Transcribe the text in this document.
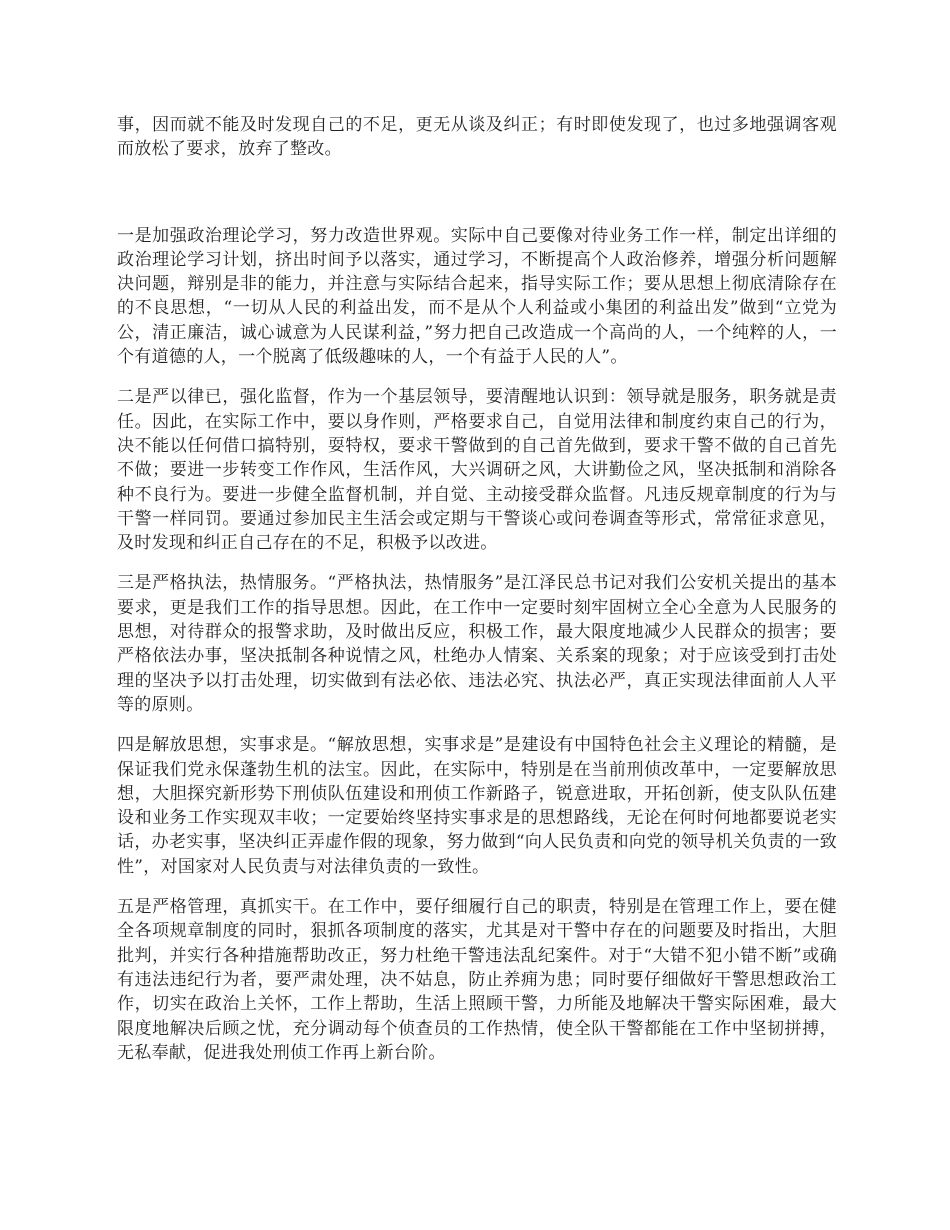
事，因而就不能及时发现自己的不足，更无从谈及纠正；有时即使发现了，也过多地强调客观而放松了要求，放弃了整改。

一是加强政治理论学习，努力改造世界观。实际中自己要像对待业务工作一样，制定出详细的政治理论学习计划，挤出时间予以落实，通过学习，不断提高个人政治修养，增强分析问题解决问题，辩别是非的能力，并注意与实际结合起来，指导实际工作；要从思想上彻底清除存在的不良思想，“一切从人民的利益出发，而不是从个人利益或小集团的利益出发”做到“立党为公，清正廉洁，诚心诚意为人民谋利益，”努力把自己改造成一个高尚的人，一个纯粹的人，一个有道德的人，一个脱离了低级趣味的人，一个有益于人民的人”。

二是严以律已，强化监督，作为一个基层领导，要清醒地认识到：领导就是服务，职务就是责任。因此，在实际工作中，要以身作则，严格要求自己，自觉用法律和制度约束自己的行为，决不能以任何借口搞特别，耍特权，要求干警做到的自己首先做到，要求干警不做的自己首先不做；要进一步转变工作作风，生活作风，大兴调研之风，大讲勤俭之风，坚决抵制和消除各种不良行为。要进一步健全监督机制，并自觉、主动接受群众监督。凡违反规章制度的行为与干警一样同罚。要通过参加民主生活会或定期与干警谈心或问卷调查等形式，常常征求意见，及时发现和纠正自己存在的不足，积极予以改进。

三是严格执法，热情服务。“严格执法，热情服务”是江泽民总书记对我们公安机关提出的基本要求，更是我们工作的指导思想。因此，在工作中一定要时刻牢固树立全心全意为人民服务的思想，对待群众的报警求助，及时做出反应，积极工作，最大限度地减少人民群众的损害；要严格依法办事，坚决抵制各种说情之风，杜绝办人情案、关系案的现象；对于应该受到打击处理的坚决予以打击处理，切实做到有法必依、违法必究、执法必严，真正实现法律面前人人平等的原则。

四是解放思想，实事求是。“解放思想，实事求是”是建设有中国特色社会主义理论的精髓，是保证我们党永保蓬勃生机的法宝。因此，在实际中，特别是在当前刑侦改革中，一定要解放思想，大胆探究新形势下刑侦队伍建设和刑侦工作新路子，锐意进取，开拓创新，使支队队伍建设和业务工作实现双丰收；一定要始终坚持实事求是的思想路线，无论在何时何地都要说老实话，办老实事，坚决纠正弄虚作假的现象，努力做到“向人民负责和向党的领导机关负责的一致性”，对国家对人民负责与对法律负责的一致性。

五是严格管理，真抓实干。在工作中，要仔细履行自己的职责，特别是在管理工作上，要在健全各项规章制度的同时，狠抓各项制度的落实，尤其是对干警中存在的问题要及时指出，大胆批判，并实行各种措施帮助改正，努力杜绝干警违法乱纪案件。对于“大错不犯小错不断”或确有违法违纪行为者，要严肃处理，决不姑息，防止养痈为患；同时要仔细做好干警思想政治工作，切实在政治上关怀，工作上帮助，生活上照顾干警，力所能及地解决干警实际困难，最大限度地解决后顾之忧，充分调动每个侦查员的工作热情，使全队干警都能在工作中坚韧拼搏，无私奉献，促进我处刑侦工作再上新台阶。
